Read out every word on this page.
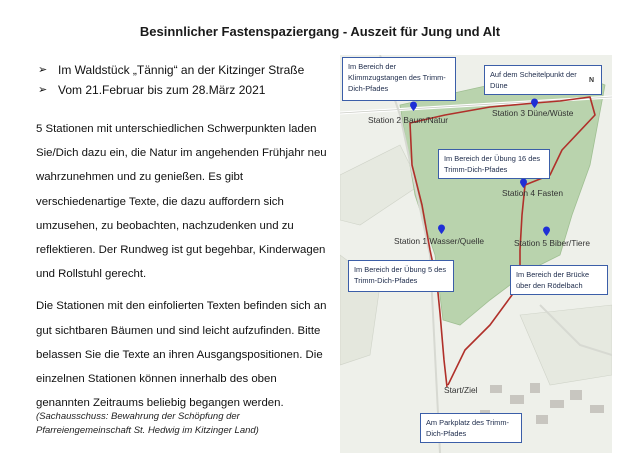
Besinnlicher Fastenspaziergang - Auszeit für Jung und Alt
➢ Im Waldstück „Tännig“ an der Kitzinger Straße
➢ Vom 21.Februar bis zum 28.März 2021

5 Stationen mit unterschiedlichen Schwerpunkten laden Sie/Dich dazu ein, die Natur im angehenden Frühjahr neu wahrzunehmen und zu genießen. Es gibt verschiedenartige Texte, die dazu auffordern sich umzusehen, zu beobachten, nachzudenken und zu reflektieren. Der Rundweg ist gut begehbar, Kinderwagen und Rollstuhl gerecht.

Die Stationen mit den einfolierten Texten befinden sich an gut sichtbaren Bäumen und sind leicht aufzufinden. Bitte belassen Sie die Texte an ihren Ausgangspositionen. Die einzelnen Stationen können innerhalb des oben genannten Zeitraums beliebig begangen werden.

(Sachausschuss: Bewahrung der Schöpfung der Pfarreiengemeinschaft St. Hedwig im Kitzinger Land)
Station 2 Baum/Natur
Station 3 Düne/Wüste
Station 4 Fasten
Station 1 Wasser/Quelle	Station 5 Biber/Tiere
Start/Ziel
Im Bereich der Klimmzugstangen des Trimm-Dich-Pfades
Auf dem Scheitelpunkt der Düne
Im Bereich der Übung 16 des Trimm-Dich-Pfades
Im Bereich der Übung 5 des Trimm-Dich-Pfades
Im Bereich der Brücke über den Rödelbach
Am Parkplatz des Trimm-Dich-Pfades
N
